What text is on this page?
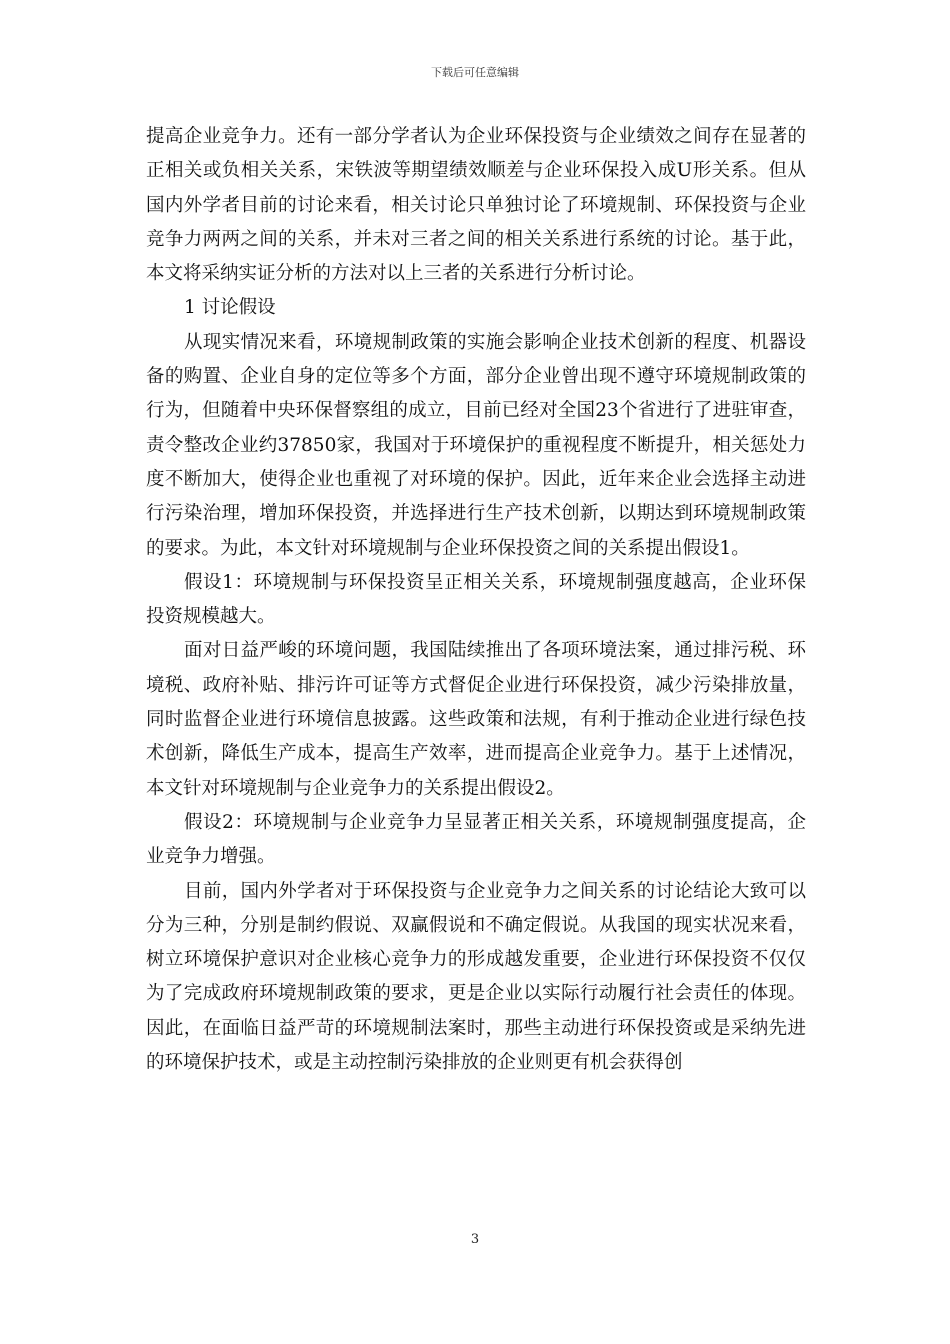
下载后可任意编辑

提高企业竞争力。还有一部分学者认为企业环保投资与企业绩效之间存在显著的正相关或负相关关系，宋铁波等期望绩效顺差与企业环保投入成U形关系。但从国内外学者目前的讨论来看，相关讨论只单独讨论了环境规制、环保投资与企业竞争力两两之间的关系，并未对三者之间的相关关系进行系统的讨论。基于此，本文将采纳实证分析的方法对以上三者的关系进行分析讨论。

1 讨论假设

从现实情况来看，环境规制政策的实施会影响企业技术创新的程度、机器设备的购置、企业自身的定位等多个方面，部分企业曾出现不遵守环境规制政策的行为，但随着中央环保督察组的成立，目前已经对全国23个省进行了进驻审查，责令整改企业约37850家，我国对于环境保护的重视程度不断提升，相关惩处力度不断加大，使得企业也重视了对环境的保护。因此，近年来企业会选择主动进行污染治理，增加环保投资，并选择进行生产技术创新，以期达到环境规制政策的要求。为此，本文针对环境规制与企业环保投资之间的关系提出假设1。

假设1：环境规制与环保投资呈正相关关系，环境规制强度越高，企业环保投资规模越大。

面对日益严峻的环境问题，我国陆续推出了各项环境法案，通过排污税、环境税、政府补贴、排污许可证等方式督促企业进行环保投资，减少污染排放量，同时监督企业进行环境信息披露。这些政策和法规，有利于推动企业进行绿色技术创新，降低生产成本，提高生产效率，进而提高企业竞争力。基于上述情况，本文针对环境规制与企业竞争力的关系提出假设2。

假设2：环境规制与企业竞争力呈显著正相关关系，环境规制强度提高，企业竞争力增强。

目前，国内外学者对于环保投资与企业竞争力之间关系的讨论结论大致可以分为三种，分别是制约假说、双赢假说和不确定假说。从我国的现实状况来看，树立环境保护意识对企业核心竞争力的形成越发重要，企业进行环保投资不仅仅为了完成政府环境规制政策的要求，更是企业以实际行动履行社会责任的体现。因此，在面临日益严苛的环境规制法案时，那些主动进行环保投资或是采纳先进的环境保护技术，或是主动控制污染排放的企业则更有机会获得创

3
